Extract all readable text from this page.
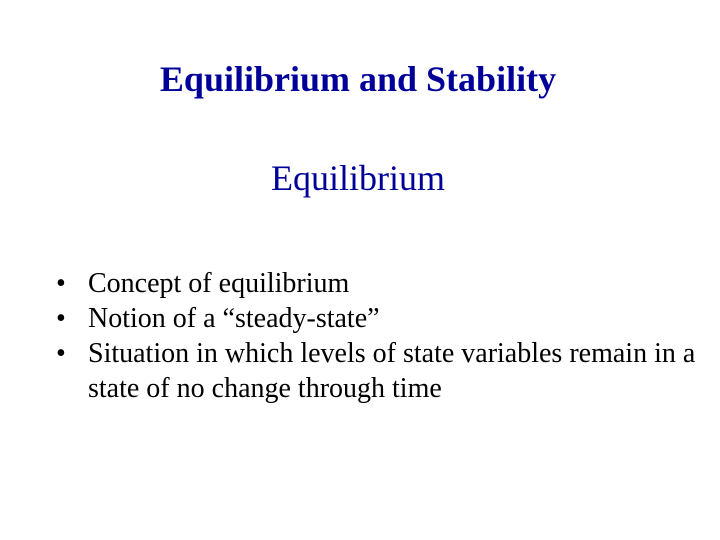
Equilibrium and Stability
Equilibrium
• Concept of equilibrium
• Notion of a “steady-state”
• Situation in which levels of state variables remain in a state of no change through time
